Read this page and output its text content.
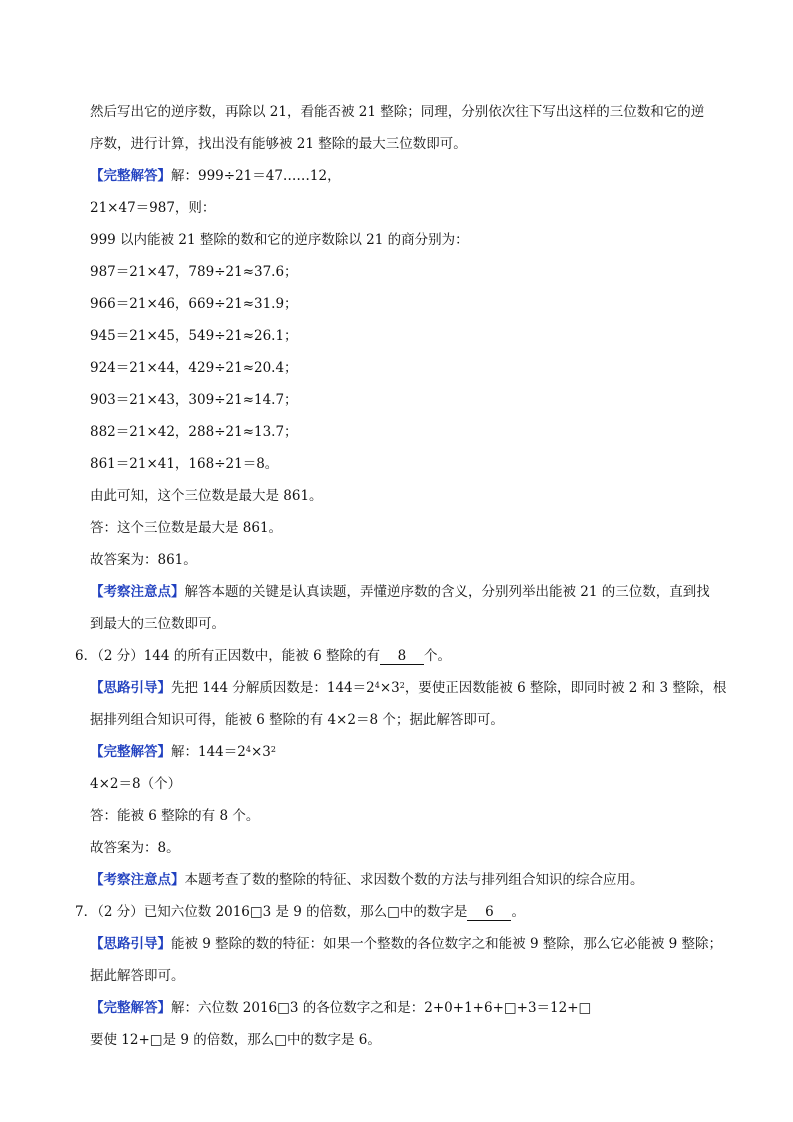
然后写出它的逆序数，再除以 21，看能否被 21 整除；同理，分别依次往下写出这样的三位数和它的逆
序数，进行计算，找出没有能够被 21 整除的最大三位数即可。
【完整解答】解：999÷21＝47……12，
21×47＝987，则：
999 以内能被 21 整除的数和它的逆序数除以 21 的商分别为：
987＝21×47，789÷21≈37.6；
966＝21×46，669÷21≈31.9；
945＝21×45，549÷21≈26.1；
924＝21×44，429÷21≈20.4；
903＝21×43，309÷21≈14.7；
882＝21×42，288÷21≈13.7；
861＝21×41，168÷21＝8。
由此可知，这个三位数是最大是 861。
答：这个三位数是最大是 861。
故答案为：861。
【考察注意点】解答本题的关键是认真读题，弄懂逆序数的含义，分别列举出能被 21 的三位数，直到找
到最大的三位数即可。
6．（2 分）144 的所有正因数中，能被 6 整除的有 8 个。
【思路引导】先把 144 分解质因数是：$144=2^4\times 3^2$，要使正因数能被 6 整除，即同时被 2 和 3 整除，根
据排列组合知识可得，能被 6 整除的有 4×2＝8 个；据此解答即可。
【完整解答】解：$144=2^4\times 3^2$
4×2＝8（个）
答：能被 6 整除的有 8 个。
故答案为：8。
【考察注意点】本题考查了数的整除的特征、求因数个数的方法与排列组合知识的综合应用。
7．（2 分）已知六位数 2016□3 是 9 的倍数，那么□中的数字是 6 。
【思路引导】能被 9 整除的数的特征：如果一个整数的各位数字之和能被 9 整除，那么它必能被 9 整除；
据此解答即可。
【完整解答】解：六位数 2016□3 的各位数字之和是：2+0+1+6+□+3＝12+□
要使 12+□是 9 的倍数，那么□中的数字是 6。
